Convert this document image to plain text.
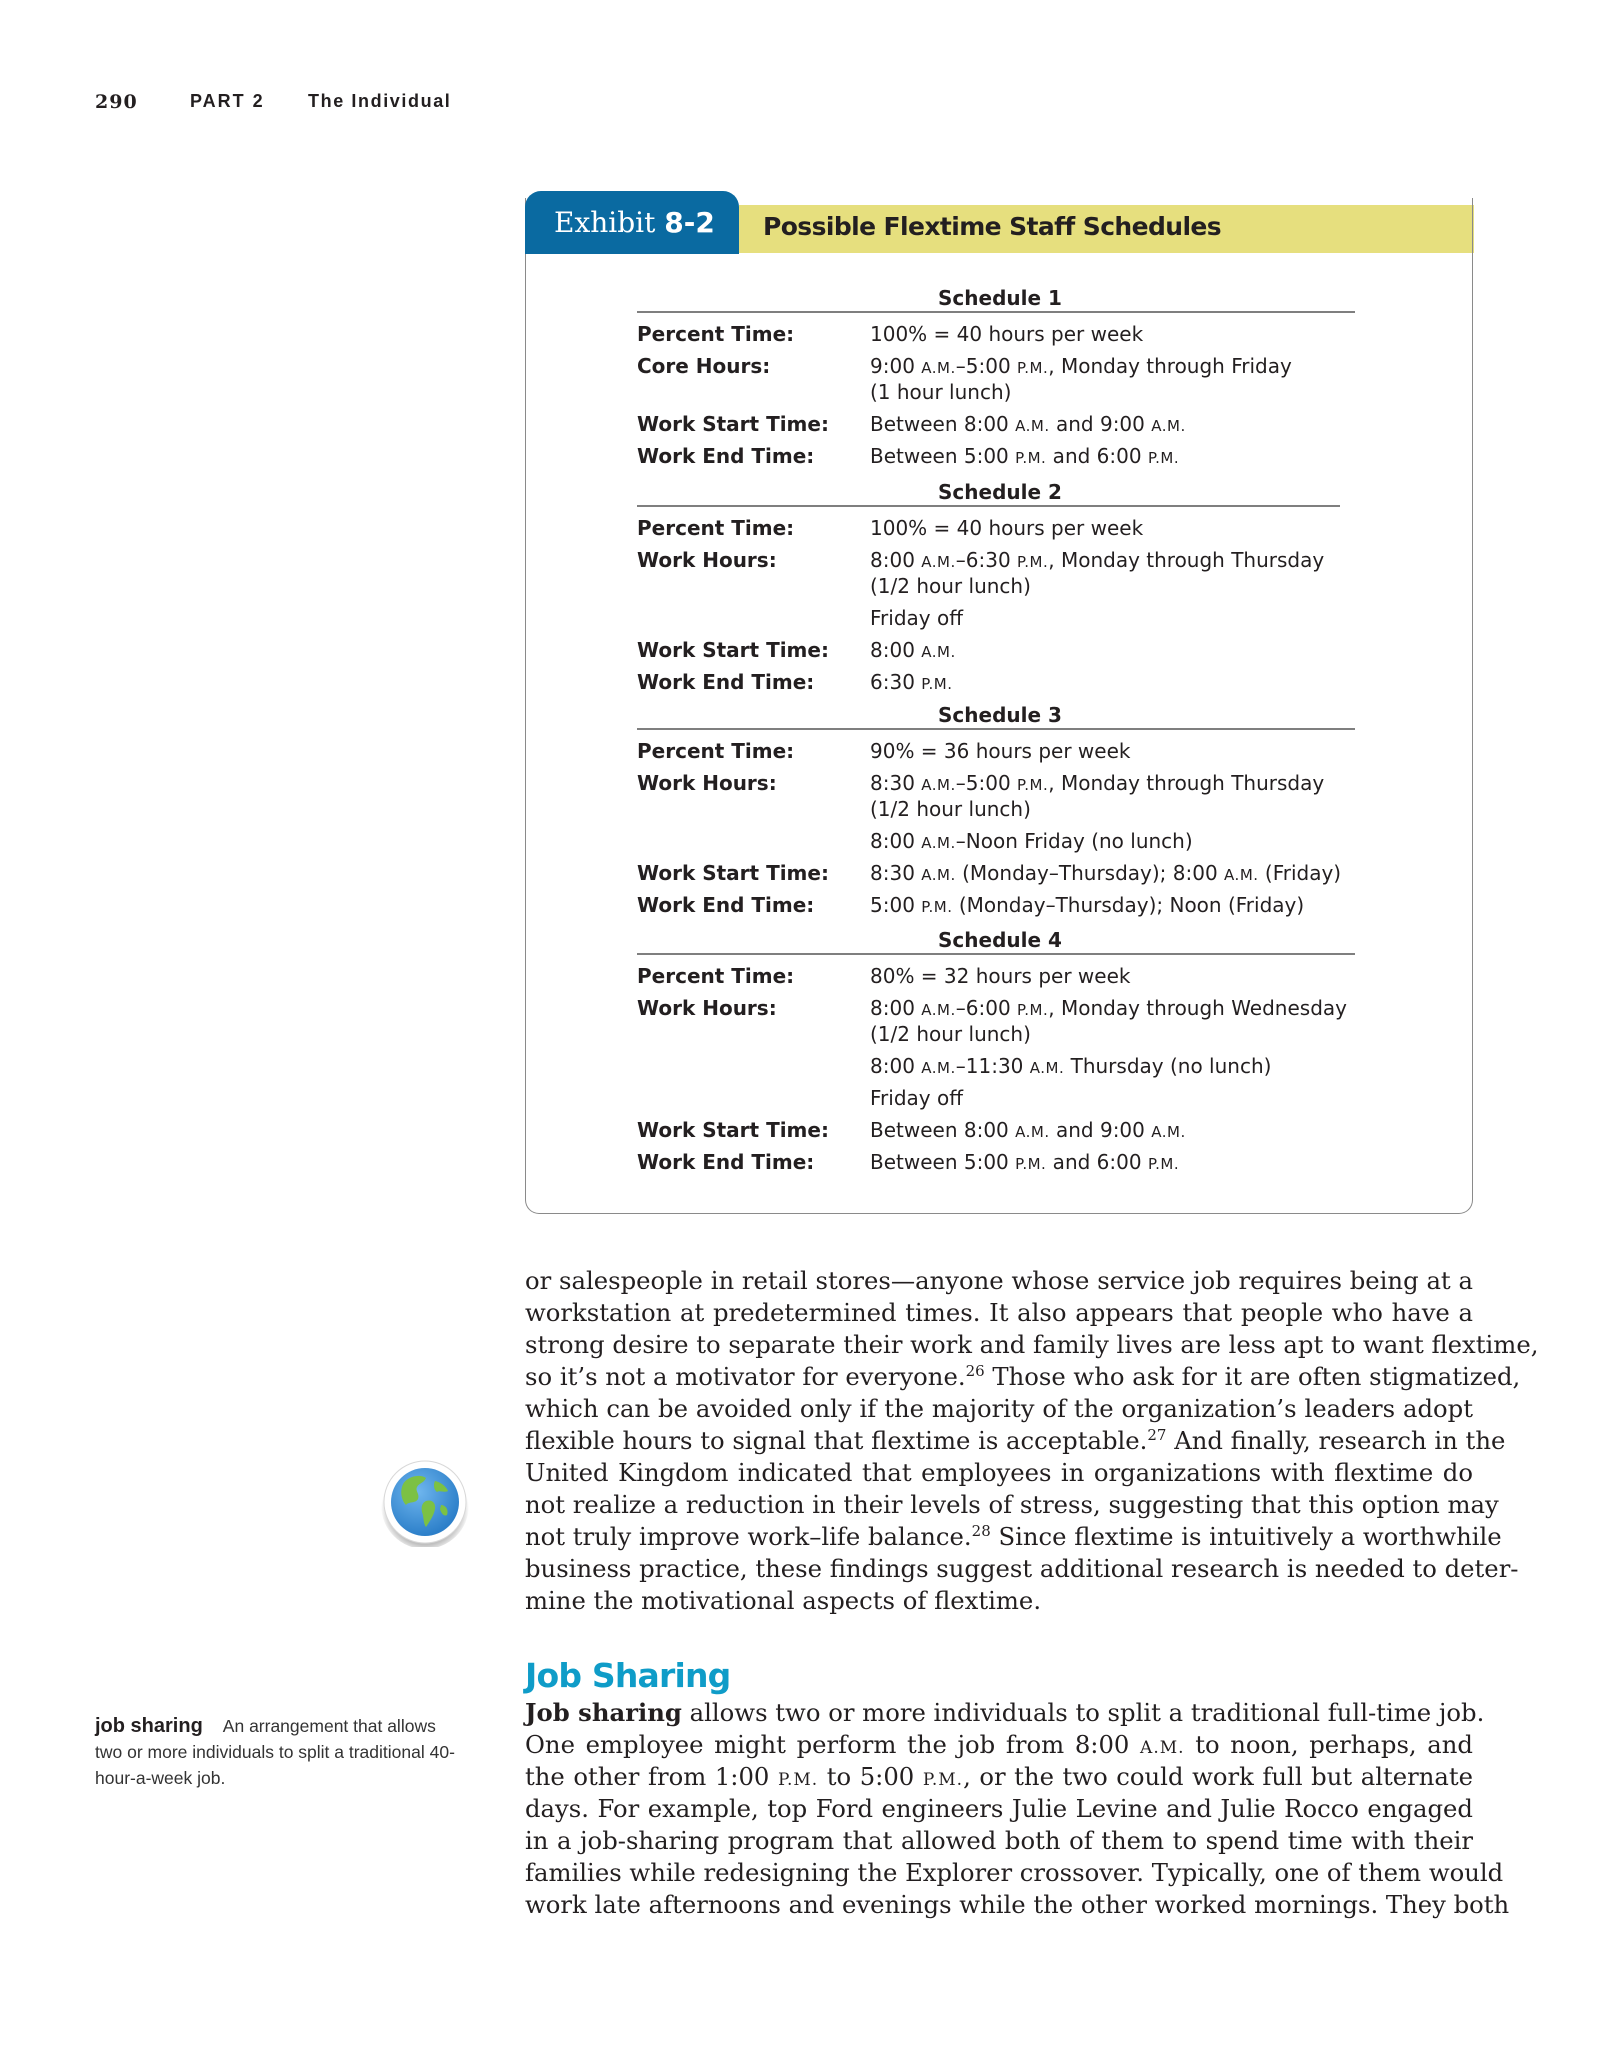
290	PART 2 The Individual
Exhibit 8-2	Possible Flextime Staff Schedules
Schedule 1
Percent Time:	100% = 40 hours per week
Core Hours:	9:00 A.M.–5:00 P.M., Monday through Friday
(1 hour lunch)
Work Start Time: Between 8:00 A.M. and 9:00 A.M.
Work End Time:	Between 5:00 P.M. and 6:00 P.M.
Schedule 2
Percent Time:	100% = 40 hours per week
Work Hours:	8:00 A.M.–6:30 P.M., Monday through Thursday
(1/2 hour lunch)
Friday off
Work Start Time: 8:00 A.M.
Work End Time:	6:30 P.M.
Schedule 3
Percent Time:	90% = 36 hours per week
Work Hours:	8:30 A.M.–5:00 P.M., Monday through Thursday
(1/2 hour lunch)
8:00 A.M.–Noon Friday (no lunch)
Work Start Time: 8:30 A.M. (Monday–Thursday); 8:00 A.M. (Friday)
Work End Time:	5:00 P.M. (Monday–Thursday); Noon (Friday)
Schedule 4
Percent Time:	80% = 32 hours per week
Work Hours:	8:00 A.M.–6:00 P.M., Monday through Wednesday
(1/2 hour lunch)
8:00 A.M.–11:30 A.M. Thursday (no lunch)
Friday off
Work Start Time: Between 8:00 A.M. and 9:00 A.M.
Work End Time:	Between 5:00 P.M. and 6:00 P.M.
or salespeople in retail stores—anyone whose service job requires being at a
workstation at predetermined times. It also appears that people who have a
strong desire to separate their work and family lives are less apt to want flextime,
so it’s not a motivator for everyone.$^{26}$ Those who ask for it are often stigmatized,
which can be avoided only if the majority of the organization’s leaders adopt
flexible hours to signal that flextime is acceptable.$^{27}$ And finally, research in the
United Kingdom indicated that employees in organizations with flextime do
not realize a reduction in their levels of stress, suggesting that this option may
not truly improve work–life balance.$^{28}$ Since flextime is intuitively a worthwhile
business practice, these findings suggest additional research is needed to deter-
mine the motivational aspects of flextime.
Job Sharing
Job sharing allows two or more individuals to split a traditional full-time job.
One employee might perform the job from 8:00 A.M. to noon, perhaps, and
the other from 1:00 P.M. to 5:00 P.M., or the two could work full but alternate
days. For example, top Ford engineers Julie Levine and Julie Rocco engaged
in a job-sharing program that allowed both of them to spend time with their
families while redesigning the Explorer crossover. Typically, one of them would
work late afternoons and evenings while the other worked mornings. They both
job sharing An arrangement that allows two or more individuals to split a traditional 40-hour-a-week job.
